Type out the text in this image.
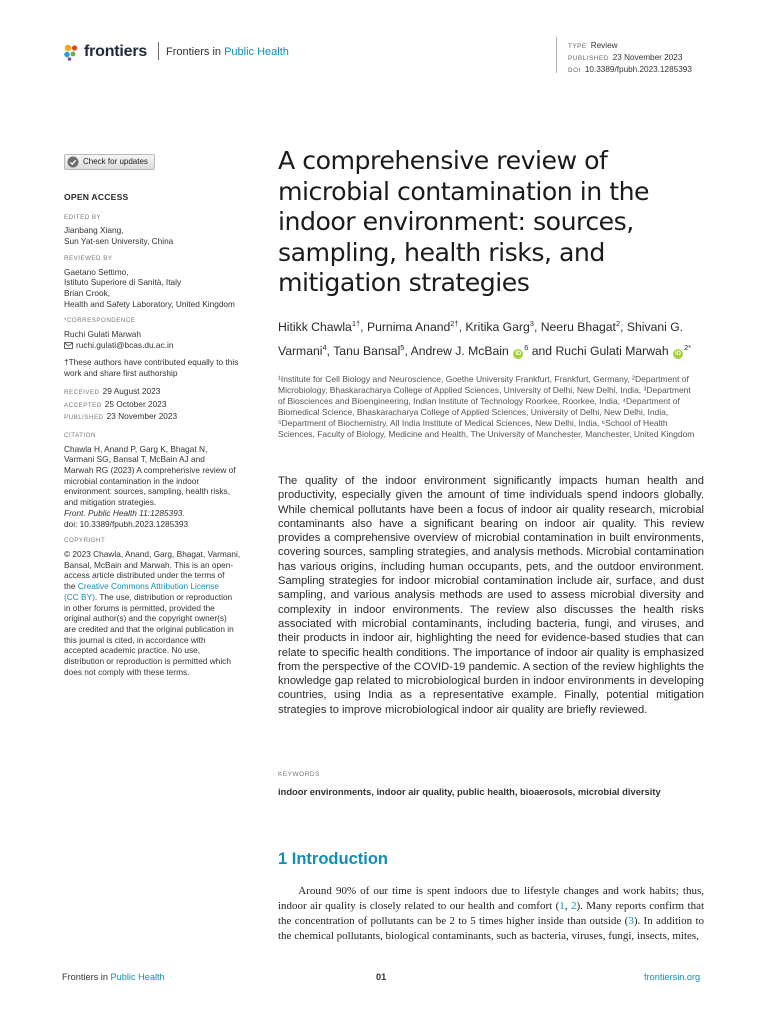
frontiers Frontiers in Public Health	TYPE Review
PUBLISHED 23 November 2023
DOI 10.3389/fpubh.2023.1285393
Check for updates
OPEN ACCESS
EDITED BY
Jianbang Xiang,
Sun Yat-sen University, China
REVIEWED BY
Gaetano Settimo,
Istituto Superiore di Sanità, Italy
Brian Crook,
Health and Safety Laboratory, United Kingdom
*CORRESPONDENCE
Ruchi Gulati Marwah
ruchi.gulati@bcas.du.ac.in
†These authors have contributed equally to this
work and share first authorship
RECEIVED 29 August 2023
ACCEPTED 25 October 2023
PUBLISHED 23 November 2023
CITATION
Chawla H, Anand P, Garg K, Bhagat N,
Varmani SG, Bansal T, McBain AJ and
Marwah RG (2023) A comprehensive review of
microbial contamination in the indoor
environment: sources, sampling, health risks,
and mitigation strategies.
Front. Public Health 11:1285393.
doi: 10.3389/fpubh.2023.1285393
COPYRIGHT
© 2023 Chawla, Anand, Garg, Bhagat, Varmani,
Bansal, McBain and Marwah. This is an open-
access article distributed under the terms of
the Creative Commons Attribution License
(CC BY). The use, distribution or reproduction
in other forums is permitted, provided the
original author(s) and the copyright owner(s)
are credited and that the original publication in
this journal is cited, in accordance with
accepted academic practice. No use,
distribution or reproduction is permitted which
does not comply with these terms.
A comprehensive review of microbial contamination in the indoor environment: sources, sampling, health risks, and mitigation strategies
Hitikk Chawla$^{1\dagger}$, Purnima Anand$^{2\dagger}$, Kritika Garg$^3$, Neeru Bhagat$^2$, Shivani G. Varmani$^4$, Tanu Bansal$^5$, Andrew J. McBain $iD^6$ and Ruchi Gulati Marwah $iD^{2*}$

¹Institute for Cell Biology and Neuroscience, Goethe University Frankfurt, Frankfurt, Germany, ²Department of Microbiology, Bhaskaracharya College of Applied Sciences, University of Delhi, New Delhi, India, ³Department of Biosciences and Bioengineering, Indian Institute of Technology Roorkee, Roorkee, India, ⁴Department of Biomedical Science, Bhaskaracharya College of Applied Sciences, University of Delhi, New Delhi, India, ⁵Department of Biochemistry, All India Institute of Medical Sciences, New Delhi, India, ⁶School of Health Sciences, Faculty of Biology, Medicine and Health, The University of Manchester, Manchester, United Kingdom

The quality of the indoor environment significantly impacts human health and productivity, especially given the amount of time individuals spend indoors globally. While chemical pollutants have been a focus of indoor air quality research, microbial contaminants also have a significant bearing on indoor air quality. This review provides a comprehensive overview of microbial contamination in built environments, covering sources, sampling strategies, and analysis methods. Microbial contamination has various origins, including human occupants, pets, and the outdoor environment. Sampling strategies for indoor microbial contamination include air, surface, and dust sampling, and various analysis methods are used to assess microbial diversity and complexity in indoor environments. The review also discusses the health risks associated with microbial contaminants, including bacteria, fungi, and viruses, and their products in indoor air, highlighting the need for evidence-based studies that can relate to specific health conditions. The importance of indoor air quality is emphasized from the perspective of the COVID-19 pandemic. A section of the review highlights the knowledge gap related to microbiological burden in indoor environments in developing countries, using India as a representative example. Finally, potential mitigation strategies to improve microbiological indoor air quality are briefly reviewed.

KEYWORDS
indoor environments, indoor air quality, public health, bioaerosols, microbial diversity
1 Introduction

Around 90% of our time is spent indoors due to lifestyle changes and work habits; thus, indoor air quality is closely related to our health and comfort (1, 2). Many reports confirm that the concentration of pollutants can be 2 to 5 times higher inside than outside (3). In addition to the chemical pollutants, biological contaminants, such as bacteria, viruses, fungi, insects, mites,

Frontiers in Public Health	01	frontiersin.org
